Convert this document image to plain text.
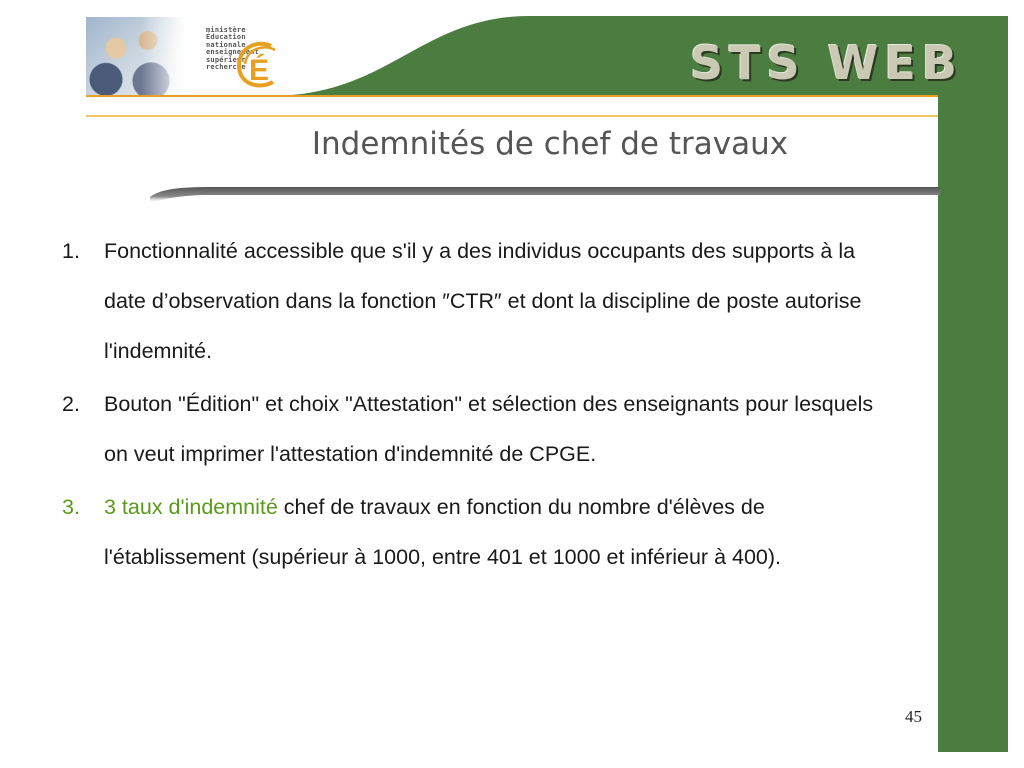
ministère
Éducation
nationale
enseignement
supérieur
recherche É	STS WEB
Indemnités de chef de travaux
1. Fonctionnalité accessible que s'il y a des individus occupants des supports à la date d’observation dans la fonction ″CTR″ et dont la discipline de poste autorise l'indemnité.
2. Bouton "Édition" et choix "Attestation" et sélection des enseignants pour lesquels on veut imprimer l'attestation d'indemnité de CPGE.
3. 3 taux d'indemnité chef de travaux en fonction du nombre d'élèves de l'établissement (supérieur à 1000, entre 401 et 1000 et inférieur à 400).
45
